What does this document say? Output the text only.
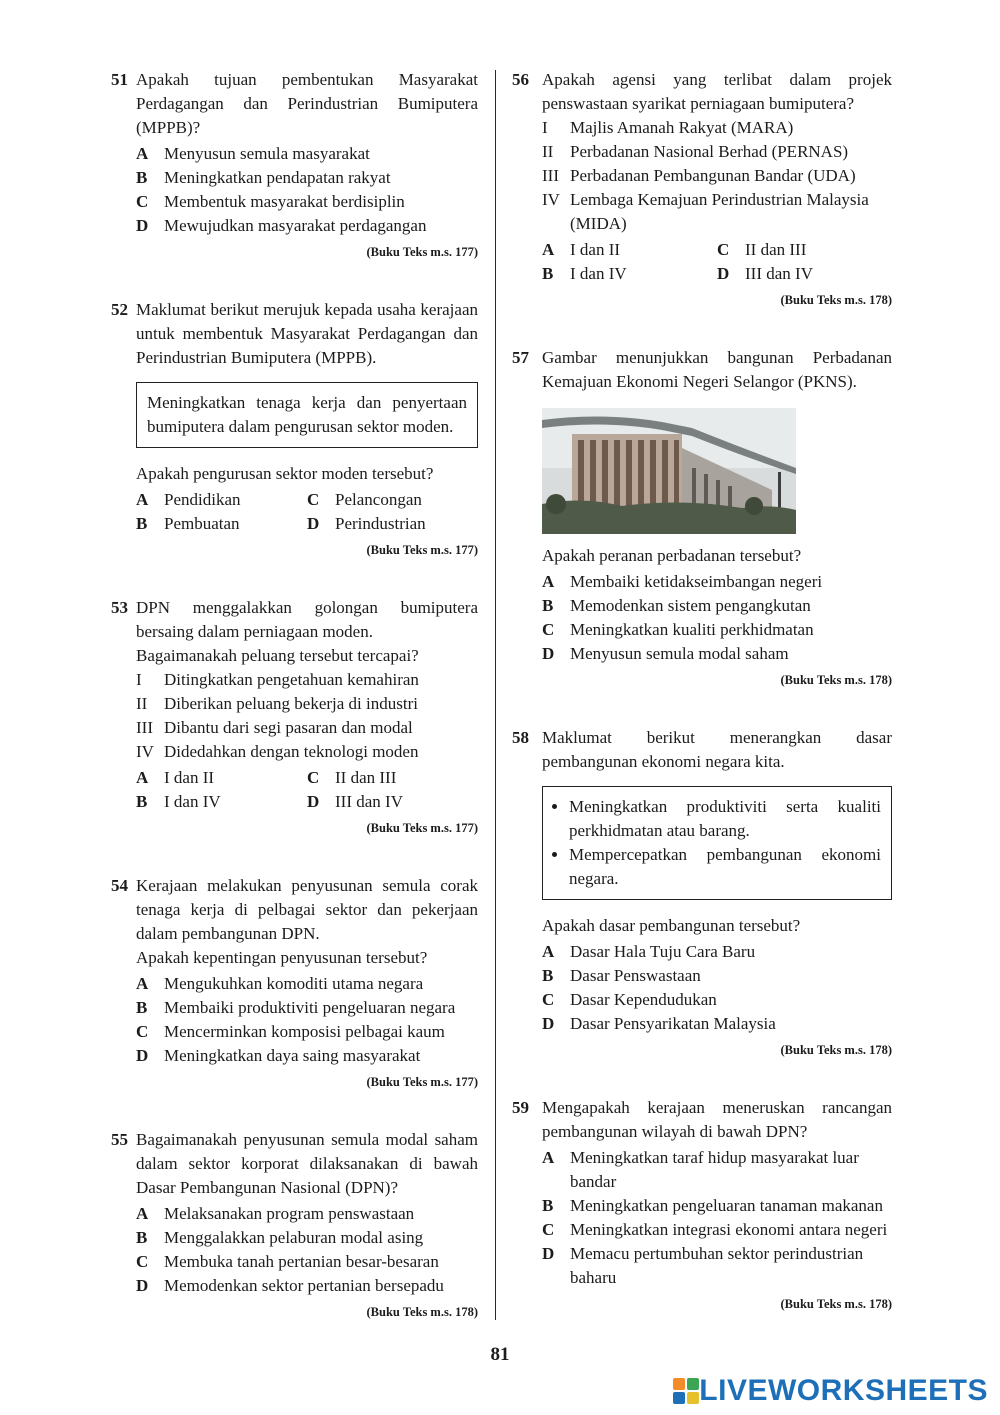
51 Apakah tujuan pembentukan Masyarakat Perdagangan dan Perindustrian Bumiputera (MPPB)?

A Menyusun semula masyarakat
B Meningkatkan pendapatan rakyat
C Membentuk masyarakat berdisiplin
D Mewujudkan masyarakat perdagangan
(Buku Teks m.s. 177)
52 Maklumat berikut merujuk kepada usaha kerajaan untuk membentuk Masyarakat Perdagangan dan Perindustrian Bumiputera (MPPB).

Meningkatkan tenaga kerja dan penyertaan bumiputera dalam pengurusan sektor moden.
Apakah pengurusan sektor moden tersebut?
A Pendidikan	C Pelancongan
B Pembuatan	D Perindustrian
(Buku Teks m.s. 177)
53 DPN menggalakkan golongan bumiputera bersaing dalam perniagaan moden.

Bagaimanakah peluang tersebut tercapai?

I	Ditingkatkan pengetahuan kemahiran
II Diberikan peluang bekerja di industri
III Dibantu dari segi pasaran dan modal
IV Didedahkan dengan teknologi moden
A I dan II	C II dan III
B I dan IV	D III dan IV
(Buku Teks m.s. 177)
54 Kerajaan melakukan penyusunan semula corak tenaga kerja di pelbagai sektor dan pekerjaan dalam pembangunan DPN.

Apakah kepentingan penyusunan tersebut?

A Mengukuhkan komoditi utama negara
B Membaiki produktiviti pengeluaran negara
C Mencerminkan komposisi pelbagai kaum
D Meningkatkan daya saing masyarakat
(Buku Teks m.s. 177)
55 Bagaimanakah penyusunan semula modal saham dalam sektor korporat dilaksanakan di bawah Dasar Pembangunan Nasional (DPN)?

A Melaksanakan program penswastaan
B Menggalakkan pelaburan modal asing
C Membuka tanah pertanian besar-besaran
D Memodenkan sektor pertanian bersepadu
(Buku Teks m.s. 178)
56 Apakah agensi yang terlibat dalam projek penswastaan syarikat perniagaan bumiputera?

I	Majlis Amanah Rakyat (MARA)
II Perbadanan Nasional Berhad (PERNAS)
III Perbadanan Pembangunan Bandar (UDA)
IV Lembaga Kemajuan Perindustrian Malaysia (MIDA)
A I dan II	C II dan III
B I dan IV	D III dan IV
(Buku Teks m.s. 178)
57 Gambar menunjukkan bangunan Perbadanan Kemajuan Ekonomi Negeri Selangor (PKNS).

Apakah peranan perbadanan tersebut?
A Membaiki ketidakseimbangan negeri
B Memodenkan sistem pengangkutan
C Meningkatkan kualiti perkhidmatan
D Menyusun semula modal saham
(Buku Teks m.s. 178)
58 Maklumat berikut menerangkan dasar pembangunan ekonomi negara kita.

• Meningkatkan produktiviti serta kualiti perkhidmatan atau barang.
• Mempercepatkan pembangunan ekonomi negara.
Apakah dasar pembangunan tersebut?
A Dasar Hala Tuju Cara Baru
B Dasar Penswastaan
C Dasar Kependudukan
D Dasar Pensyarikatan Malaysia
(Buku Teks m.s. 178)
59 Mengapakah kerajaan meneruskan rancangan pembangunan wilayah di bawah DPN?

A Meningkatkan taraf hidup masyarakat luar bandar
B Meningkatkan pengeluaran tanaman makanan
C Meningkatkan integrasi ekonomi antara negeri
D Memacu pertumbuhan sektor perindustrian baharu
(Buku Teks m.s. 178)
81
LIVEWORKSHEETS
